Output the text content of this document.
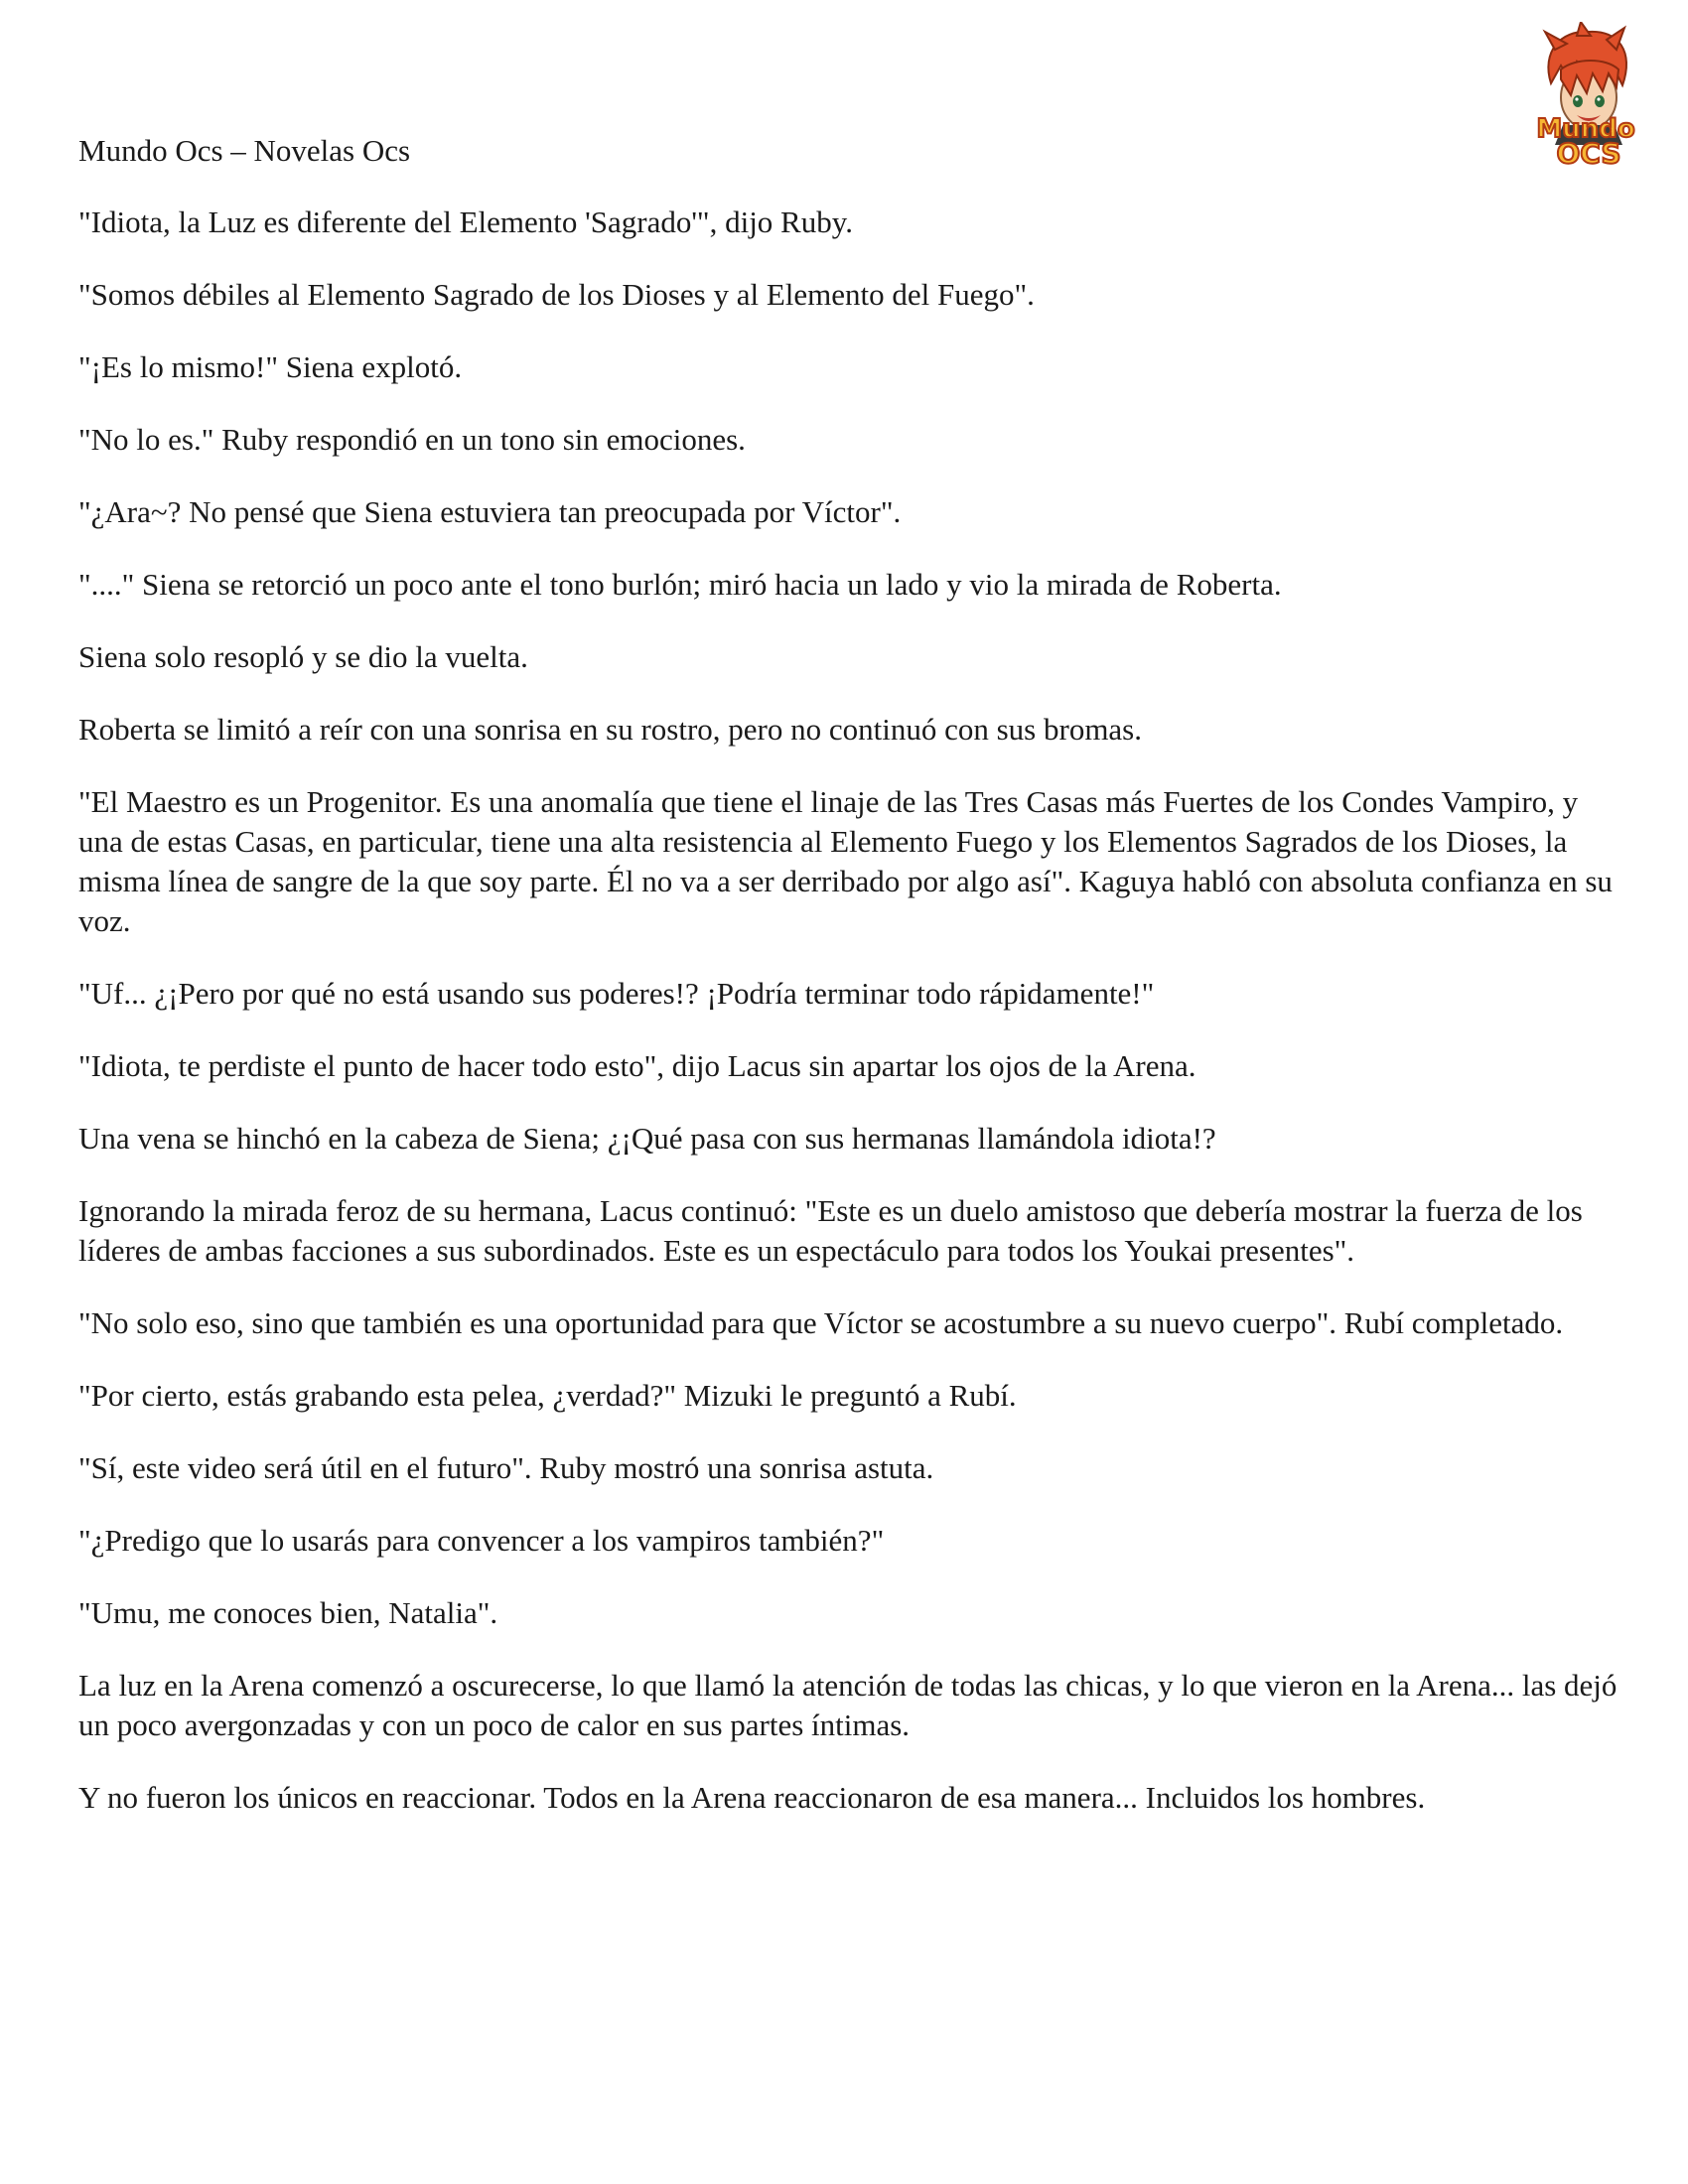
Mundo Ocs – Novelas Ocs
Mundo
OCS

"Idiota, la Luz es diferente del Elemento 'Sagrado'", dijo Ruby.

"Somos débiles al Elemento Sagrado de los Dioses y al Elemento del Fuego".

"¡Es lo mismo!" Siena explotó.

"No lo es." Ruby respondió en un tono sin emociones.

"¿Ara~? No pensé que Siena estuviera tan preocupada por Víctor".

"...." Siena se retorció un poco ante el tono burlón; miró hacia un lado y vio la mirada de Roberta.

Siena solo resopló y se dio la vuelta.

Roberta se limitó a reír con una sonrisa en su rostro, pero no continuó con sus bromas.

"El Maestro es un Progenitor. Es una anomalía que tiene el linaje de las Tres Casas más Fuertes de los Condes Vampiro, y una de estas Casas, en particular, tiene una alta resistencia al Elemento Fuego y los Elementos Sagrados de los Dioses, la misma línea de sangre de la que soy parte. Él no va a ser derribado por algo así". Kaguya habló con absoluta confianza en su voz.

"Uf... ¿¡Pero por qué no está usando sus poderes!? ¡Podría terminar todo rápidamente!"

"Idiota, te perdiste el punto de hacer todo esto", dijo Lacus sin apartar los ojos de la Arena.

Una vena se hinchó en la cabeza de Siena; ¿¡Qué pasa con sus hermanas llamándola idiota!?

Ignorando la mirada feroz de su hermana, Lacus continuó: "Este es un duelo amistoso que debería mostrar la fuerza de los líderes de ambas facciones a sus subordinados. Este es un espectáculo para todos los Youkai presentes".

"No solo eso, sino que también es una oportunidad para que Víctor se acostumbre a su nuevo cuerpo". Rubí completado.

"Por cierto, estás grabando esta pelea, ¿verdad?" Mizuki le preguntó a Rubí.

"Sí, este video será útil en el futuro". Ruby mostró una sonrisa astuta.

"¿Predigo que lo usarás para convencer a los vampiros también?"

"Umu, me conoces bien, Natalia".

La luz en la Arena comenzó a oscurecerse, lo que llamó la atención de todas las chicas, y lo que vieron en la Arena... las dejó un poco avergonzadas y con un poco de calor en sus partes íntimas.

Y no fueron los únicos en reaccionar. Todos en la Arena reaccionaron de esa manera... Incluidos los hombres.
